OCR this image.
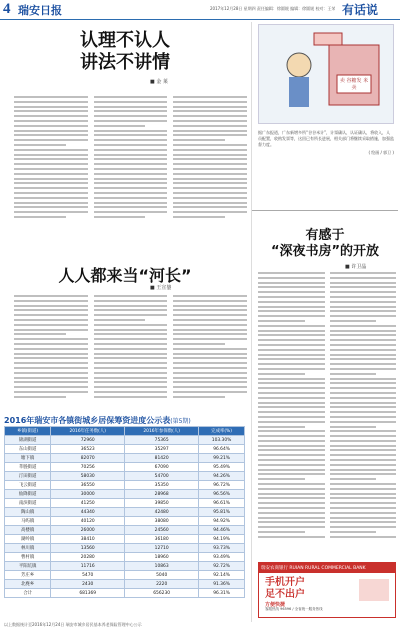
4 瑞安日报	2017年12月28日 星期四 责任编辑：徐圆媛 编辑：徐圆媛 校对：王荣 有话说
认理不认人
讲法不讲情
■ 金 莱
人人都来当“河长”
■ 王宣鋆
2016年瑞安市各镇街城乡居保筹资进度公示表(第5期)
乡镇(街道)	2016年任务数(人)	2016年参保数(人)	完成率(%)
锦湖街道	72960	75365	103.30%
东山街道	36523	35297	96.64%
塘下镇	82070	81420	99.21%
莘塍街道	70256	67090	95.49%
汀田街道	58030	54700	94.26%
飞云街道	36550	35350	96.72%
仙降街道	30000	28968	96.56%
南滨街道	41250	39850	96.61%
陶山镇	44340	42480	95.81%
马屿镇	40120	38080	94.92%
高楼镇	26000	24560	94.46%
湖岭镇	38410	36180	94.19%
林川镇	13560	12710	93.73%
曹村镇	20280	18960	93.49%
平阳坑镇	11716	10863	92.72%
芳庄乡	5470	5040	92.14%
北麂乡	2430	2220	91.36%
合计	681369	656230	96.31%
以上数据统计至2016年12月24日 瑞安市城乡居民基本养老保险管理中心公示
卖 谷糖发 米 卖
据广东报道，广东新增多所“谷谷米计”，计票确认，认证确认，将收入，人员配置，收购发票等，这回已有所长进展，相关部门将继续采取措施，加强监督力度。
( 绘画 / 郭卫 )
有感于
“深夜书房”的开放
■ 许卫晶
瑞安农商银行 RUIAN RURAL COMMERCIAL BANK
手机开户
足不出户
方便快捷
客服热线 96596 / 全省统一服务热线
